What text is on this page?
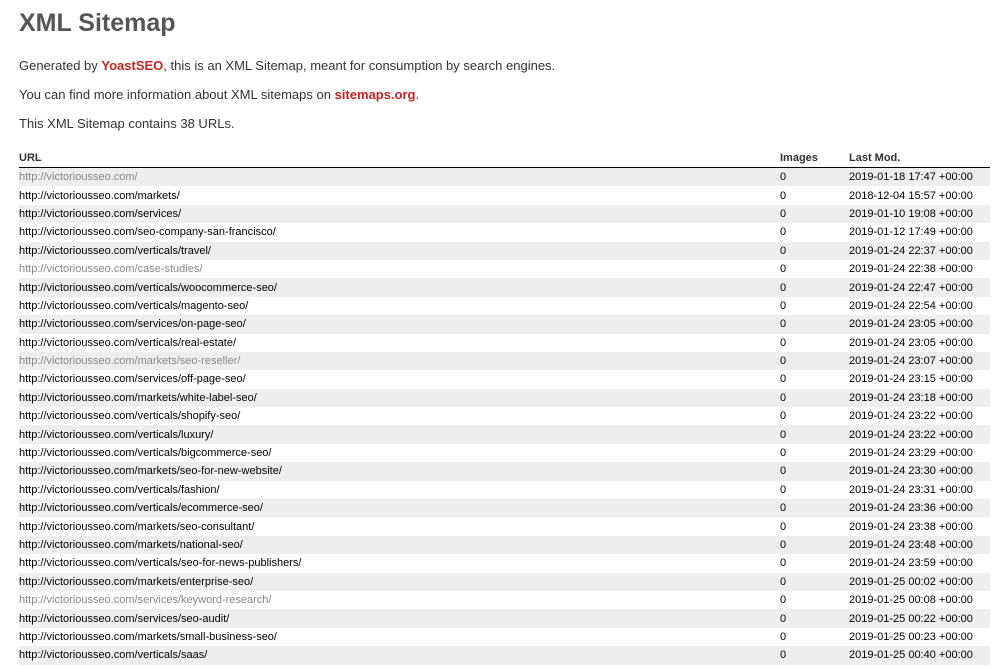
XML Sitemap

Generated by YoastSEO, this is an XML Sitemap, meant for consumption by search engines.

You can find more information about XML sitemaps on sitemaps.org.

This XML Sitemap contains 38 URLs.

URL	Images	Last Mod.
http://victoriousseo.com/	0	2019-01-18 17:47 +00:00
http://victoriousseo.com/markets/	0	2018-12-04 15:57 +00:00
http://victoriousseo.com/services/	0	2019-01-10 19:08 +00:00
http://victoriousseo.com/seo-company-san-francisco/	0	2019-01-12 17:49 +00:00
http://victoriousseo.com/verticals/travel/	0	2019-01-24 22:37 +00:00
http://victoriousseo.com/case-studies/	0	2019-01-24 22:38 +00:00
http://victoriousseo.com/verticals/woocommerce-seo/	0	2019-01-24 22:47 +00:00
http://victoriousseo.com/verticals/magento-seo/	0	2019-01-24 22:54 +00:00
http://victoriousseo.com/services/on-page-seo/	0	2019-01-24 23:05 +00:00
http://victoriousseo.com/verticals/real-estate/	0	2019-01-24 23:05 +00:00
http://victoriousseo.com/markets/seo-reseller/	0	2019-01-24 23:07 +00:00
http://victoriousseo.com/services/off-page-seo/	0	2019-01-24 23:15 +00:00
http://victoriousseo.com/markets/white-label-seo/	0	2019-01-24 23:18 +00:00
http://victoriousseo.com/verticals/shopify-seo/	0	2019-01-24 23:22 +00:00
http://victoriousseo.com/verticals/luxury/	0	2019-01-24 23:22 +00:00
http://victoriousseo.com/verticals/bigcommerce-seo/	0	2019-01-24 23:29 +00:00
http://victoriousseo.com/markets/seo-for-new-website/	0	2019-01-24 23:30 +00:00
http://victoriousseo.com/verticals/fashion/	0	2019-01-24 23:31 +00:00
http://victoriousseo.com/verticals/ecommerce-seo/	0	2019-01-24 23:36 +00:00
http://victoriousseo.com/markets/seo-consultant/	0	2019-01-24 23:38 +00:00
http://victoriousseo.com/markets/national-seo/	0	2019-01-24 23:48 +00:00
http://victoriousseo.com/verticals/seo-for-news-publishers/	0	2019-01-24 23:59 +00:00
http://victoriousseo.com/markets/enterprise-seo/	0	2019-01-25 00:02 +00:00
http://victoriousseo.com/services/keyword-research/	0	2019-01-25 00:08 +00:00
http://victoriousseo.com/services/seo-audit/	0	2019-01-25 00:22 +00:00
http://victoriousseo.com/markets/small-business-seo/	0	2019-01-25 00:23 +00:00
http://victoriousseo.com/verticals/saas/	0	2019-01-25 00:40 +00:00
